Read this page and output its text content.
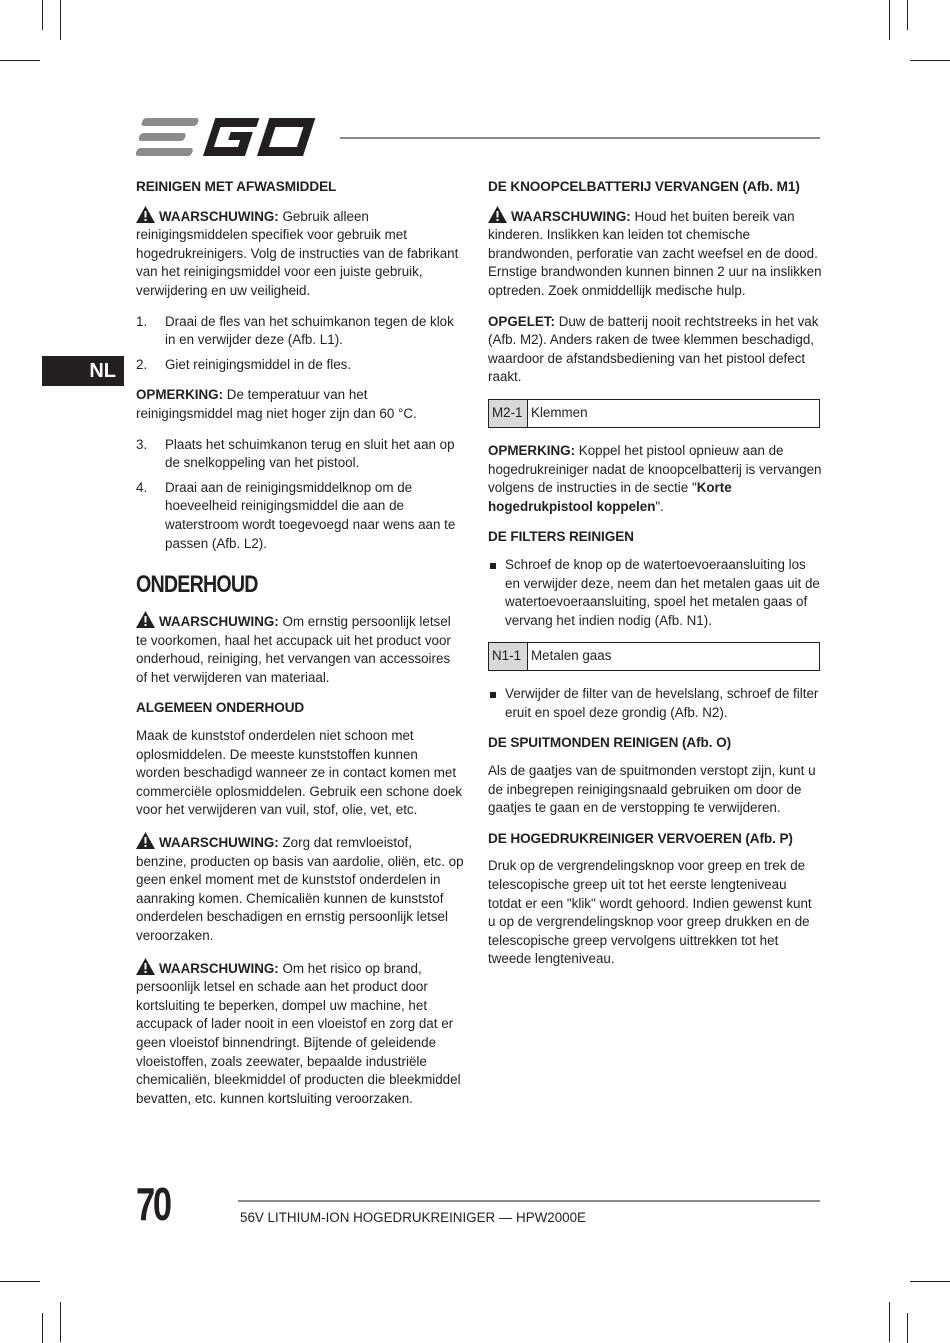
NL
REINIGEN MET AFWASMIDDEL

WAARSCHUWING: Gebruik alleen reinigingsmiddelen specifiek voor gebruik met hogedrukreinigers. Volg de instructies van de fabrikant van het reinigingsmiddel voor een juiste gebruik, verwijdering en uw veiligheid.

1. Draai de fles van het schuimkanon tegen de klok in en verwijder deze (Afb. L1).
2. Giet reinigingsmiddel in de fles.

OPMERKING: De temperatuur van het reinigingsmiddel mag niet hoger zijn dan 60 °C.

3. Plaats het schuimkanon terug en sluit het aan op de snelkoppeling van het pistool.
4. Draai aan de reinigingsmiddelknop om de hoeveelheid reinigingsmiddel die aan de waterstroom wordt toegevoegd naar wens aan te passen (Afb. L2).
ONDERHOUD

WAARSCHUWING: Om ernstig persoonlijk letsel te voorkomen, haal het accupack uit het product voor onderhoud, reiniging, het vervangen van accessoires of het verwijderen van materiaal.

ALGEMEEN ONDERHOUD

Maak de kunststof onderdelen niet schoon met oplosmiddelen. De meeste kunststoffen kunnen worden beschadigd wanneer ze in contact komen met commerciële oplosmiddelen. Gebruik een schone doek voor het verwijderen van vuil, stof, olie, vet, etc.

WAARSCHUWING: Zorg dat remvloeistof, benzine, producten op basis van aardolie, oliën, etc. op geen enkel moment met de kunststof onderdelen in aanraking komen. Chemicaliën kunnen de kunststof onderdelen beschadigen en ernstig persoonlijk letsel veroorzaken.

WAARSCHUWING: Om het risico op brand, persoonlijk letsel en schade aan het product door kortsluiting te beperken, dompel uw machine, het accupack of lader nooit in een vloeistof en zorg dat er geen vloeistof binnendringt. Bijtende of geleidende vloeistoffen, zoals zeewater, bepaalde industriële chemicaliën, bleekmiddel of producten die bleekmiddel bevatten, etc. kunnen kortsluiting veroorzaken.

DE KNOOPCELBATTERIJ VERVANGEN (Afb. M1)

WAARSCHUWING: Houd het buiten bereik van kinderen. Inslikken kan leiden tot chemische brandwonden, perforatie van zacht weefsel en de dood. Ernstige brandwonden kunnen binnen 2 uur na inslikken optreden. Zoek onmiddellijk medische hulp.

OPGELET: Duw de batterij nooit rechtstreeks in het vak (Afb. M2). Anders raken de twee klemmen beschadigd, waardoor de afstandsbediening van het pistool defect raakt.

M2-1	Klemmen

OPMERKING: Koppel het pistool opnieuw aan de hogedrukreiniger nadat de knoopcelbatterij is vervangen volgens de instructies in de sectie "Korte hogedrukpistool koppelen".

DE FILTERS REINIGEN
Schroef de knop op de watertoevoeraansluiting los en verwijder deze, neem dan het metalen gaas uit de watertoevoeraansluiting, spoel het metalen gaas of vervang het indien nodig (Afb. N1).
N1-1	Metalen gaas
Verwijder de filter van de hevelslang, schroef de filter eruit en spoel deze grondig (Afb. N2).
DE SPUITMONDEN REINIGEN (Afb. O)

Als de gaatjes van de spuitmonden verstopt zijn, kunt u de inbegrepen reinigingsnaald gebruiken om door de gaatjes te gaan en de verstopping te verwijderen.

DE HOGEDRUKREINIGER VERVOEREN (Afb. P)

Druk op de vergrendelingsknop voor greep en trek de telescopische greep uit tot het eerste lengteniveau totdat er een "klik" wordt gehoord. Indien gewenst kunt u op de vergrendelingsknop voor greep drukken en de telescopische greep vervolgens uittrekken tot het tweede lengteniveau.

70	56V LITHIUM-ION HOGEDRUKREINIGER — HPW2000E
